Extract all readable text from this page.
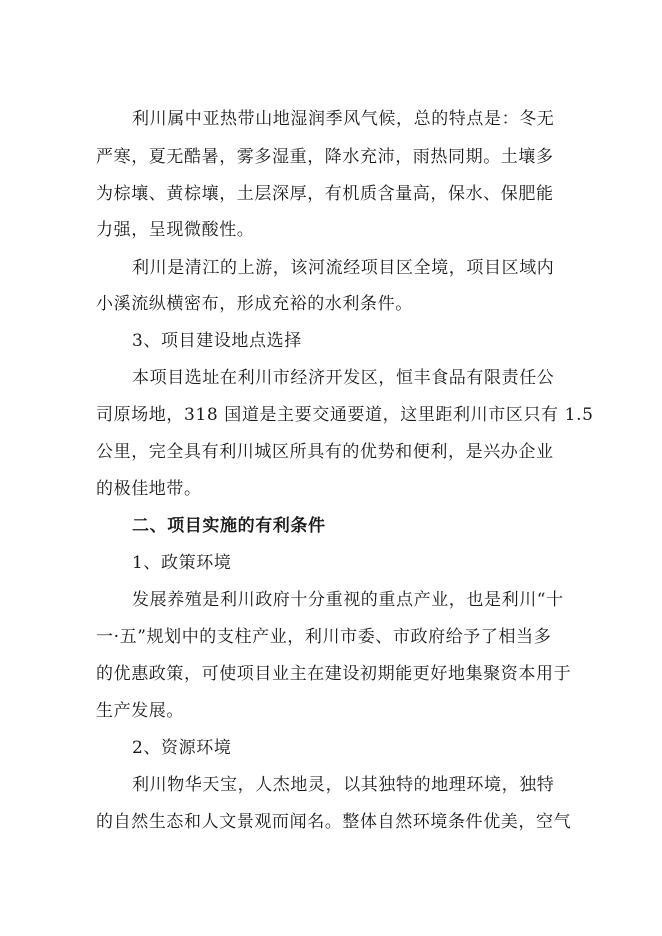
利川属中亚热带山地湿润季风气候，总的特点是：冬无
严寒，夏无酷暑，雾多湿重，降水充沛，雨热同期。土壤多
为棕壤、黄棕壤，土层深厚，有机质含量高，保水、保肥能
力强，呈现微酸性。
利川是清江的上游，该河流经项目区全境，项目区域内
小溪流纵横密布，形成充裕的水利条件。
3、项目建设地点选择
本项目选址在利川市经济开发区，恒丰食品有限责任公
司原场地，318 国道是主要交通要道，这里距利川市区只有 1.5
公里，完全具有利川城区所具有的优势和便利，是兴办企业
的极佳地带。
二、项目实施的有利条件
1、政策环境
发展养殖是利川政府十分重视的重点产业，也是利川“十
一·五”规划中的支柱产业，利川市委、市政府给予了相当多
的优惠政策，可使项目业主在建设初期能更好地集聚资本用于
生产发展。
2、资源环境
利川物华天宝，人杰地灵，以其独特的地理环境，独特
的自然生态和人文景观而闻名。整体自然环境条件优美，空气
